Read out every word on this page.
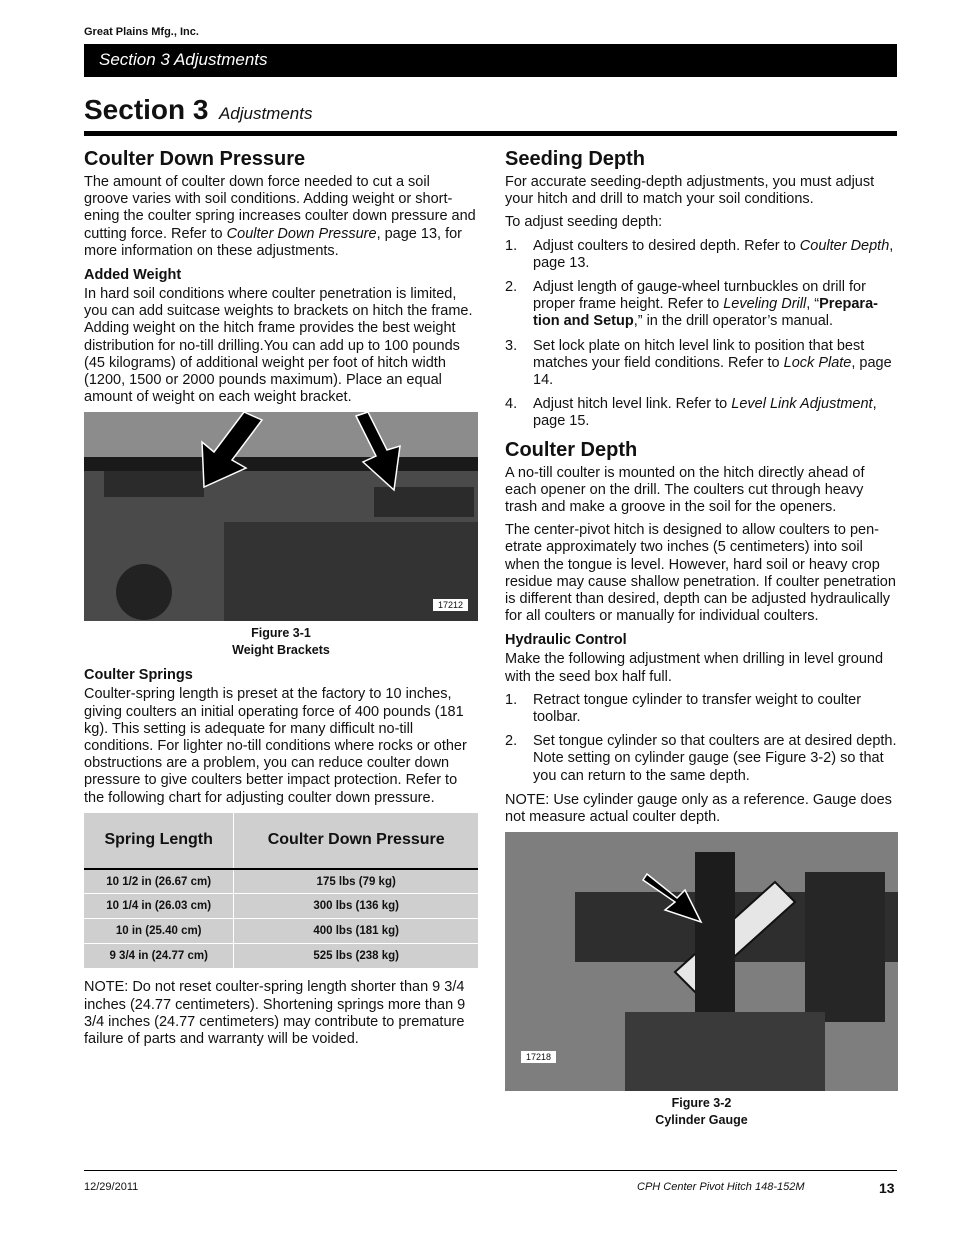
Great Plains Mfg., Inc.
Section 3 Adjustments
Section 3 Adjustments
Coulter Down Pressure

The amount of coulter down force needed to cut a soil groove varies with soil conditions. Adding weight or shortening the coulter spring increases coulter down pressure and cutting force. Refer to Coulter Down Pressure, page 13, for more information on these adjustments.

Added Weight

In hard soil conditions where coulter penetration is limited, you can add suitcase weights to brackets on hitch the frame. Adding weight on the hitch frame provides the best weight distribution for no-till drilling.You can add up to 100 pounds (45 kilograms) of additional weight per foot of hitch width (1200, 1500 or 2000 pounds maximum). Place an equal amount of weight on each weight bracket.

17212
Figure 3-1
Weight Brackets
Coulter Springs

Coulter-spring length is preset at the factory to 10 inches, giving coulters an initial operating force of 400 pounds (181 kg). This setting is adequate for many difficult no-till conditions. For lighter no-till conditions where rocks or other obstructions are a problem, you can reduce coulter down pressure to give coulters better impact protection. Refer to the following chart for adjusting coulter down pressure.

Spring Length	Coulter Down Pressure
10 1/2 in (26.67 cm)	175 lbs (79 kg)
10 1/4 in (26.03 cm)	300 lbs (136 kg)
10 in (25.40 cm)	400 lbs (181 kg)
9 3/4 in (24.77 cm)	525 lbs (238 kg)

NOTE: Do not reset coulter-spring length shorter than 9 3/4 inches (24.77 centimeters). Shortening springs more than 9 3/4 inches (24.77 centimeters) may contribute to premature failure of parts and warranty will be voided.

Seeding Depth

For accurate seeding-depth adjustments, you must adjust your hitch and drill to match your soil conditions.

To adjust seeding depth:

1. Adjust coulters to desired depth. Refer to Coulter Depth, page 13.
2. Adjust length of gauge-wheel turnbuckles on drill for proper frame height. Refer to Leveling Drill, “Preparation and Setup,” in the drill operator’s manual.
3. Set lock plate on hitch level link to position that best matches your field conditions. Refer to Lock Plate, page 14.
4. Adjust hitch level link. Refer to Level Link Adjustment, page 15.
Coulter Depth

A no-till coulter is mounted on the hitch directly ahead of each opener on the drill. The coulters cut through heavy trash and make a groove in the soil for the openers.

The center-pivot hitch is designed to allow coulters to penetrate approximately two inches (5 centimeters) into soil when the tongue is level. However, hard soil or heavy crop residue may cause shallow penetration. If coulter penetration is different than desired, depth can be adjusted hydraulically for all coulters or manually for individual coulters.

Hydraulic Control

Make the following adjustment when drilling in level ground with the seed box half full.

1. Retract tongue cylinder to transfer weight to coulter toolbar.
2. Set tongue cylinder so that coulters are at desired depth. Note setting on cylinder gauge (see Figure 3-2) so that you can return to the same depth.

NOTE: Use cylinder gauge only as a reference. Gauge does not measure actual coulter depth.

17218
Figure 3-2
Cylinder Gauge
12/29/2011	CPH Center Pivot Hitch 148-152M	13
